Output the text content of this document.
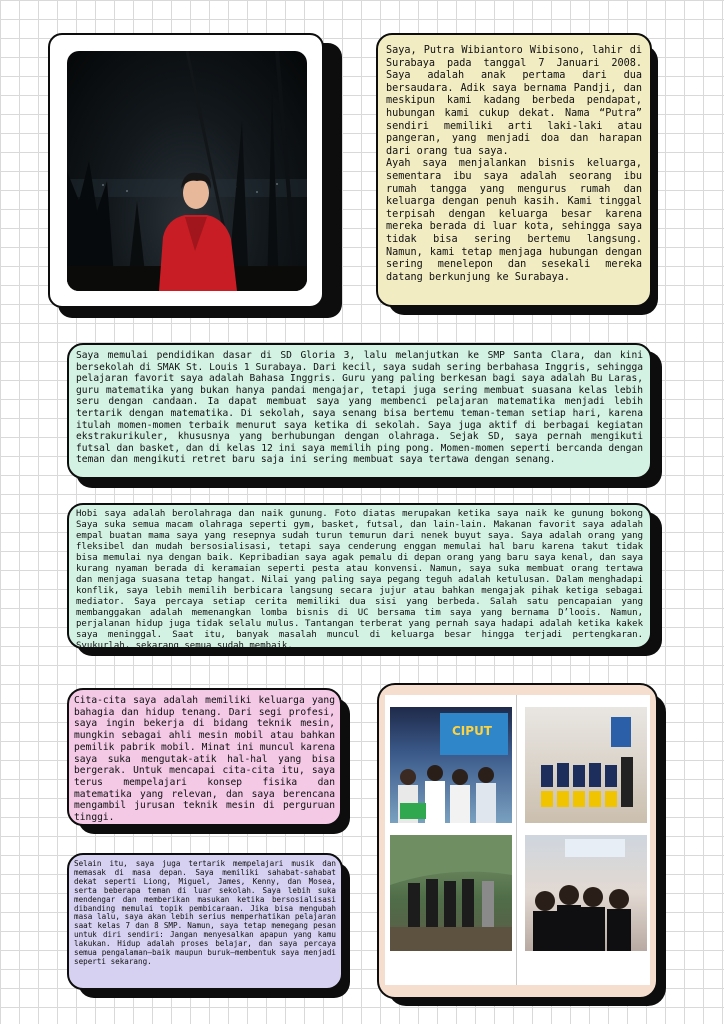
Saya, Putra Wibiantoro Wibisono, lahir di Surabaya pada tanggal 7 Januari 2008. Saya adalah anak pertama dari dua bersaudara. Adik saya bernama Pandji, dan meskipun kami kadang berbeda pendapat, hubungan kami cukup dekat. Nama “Putra” sendiri memiliki arti laki-laki atau pangeran, yang menjadi doa dan harapan dari orang tua saya.

Ayah saya menjalankan bisnis keluarga, sementara ibu saya adalah seorang ibu rumah tangga yang mengurus rumah dan keluarga dengan penuh kasih. Kami tinggal terpisah dengan keluarga besar karena mereka berada di luar kota, sehingga saya tidak bisa sering bertemu langsung. Namun, kami tetap menjaga hubungan dengan sering menelepon dan sesekali mereka datang berkunjung ke Surabaya.

Saya memulai pendidikan dasar di SD Gloria 3, lalu melanjutkan ke SMP Santa Clara, dan kini bersekolah di SMAK St. Louis 1 Surabaya. Dari kecil, saya sudah sering berbahasa Inggris, sehingga pelajaran favorit saya adalah Bahasa Inggris. Guru yang paling berkesan bagi saya adalah Bu Laras, guru matematika yang bukan hanya pandai mengajar, tetapi juga sering membuat suasana kelas lebih seru dengan candaan. Ia dapat membuat saya yang membenci pelajaran matematika menjadi lebih tertarik dengan matematika. Di sekolah, saya senang bisa bertemu teman-teman setiap hari, karena itulah momen-momen terbaik menurut saya ketika di sekolah. Saya juga aktif di berbagai kegiatan ekstrakurikuler, khususnya yang berhubungan dengan olahraga. Sejak SD, saya pernah mengikuti futsal dan basket, dan di kelas 12 ini saya memilih ping pong. Momen-momen seperti bercanda dengan teman dan mengikuti retret baru saja ini sering membuat saya tertawa dengan senang.

Hobi saya adalah berolahraga dan naik gunung. Foto diatas merupakan ketika saya naik ke gunung bokong Saya suka semua macam olahraga seperti gym, basket, futsal, dan lain-lain. Makanan favorit saya adalah empal buatan mama saya yang resepnya sudah turun temurun dari nenek buyut saya. Saya adalah orang yang fleksibel dan mudah bersosialisasi, tetapi saya cenderung enggan memulai hal baru karena takut tidak bisa memulai nya dengan baik. Kepribadian saya agak pemalu di depan orang yang baru saya kenal, dan saya kurang nyaman berada di keramaian seperti pesta atau konvensi. Namun, saya suka membuat orang tertawa dan menjaga suasana tetap hangat. Nilai yang paling saya pegang teguh adalah ketulusan. Dalam menghadapi konflik, saya lebih memilih berbicara langsung secara jujur atau bahkan mengajak pihak ketiga sebagai mediator. Saya percaya setiap cerita memiliki dua sisi yang berbeda. Salah satu pencapaian yang membanggakan adalah memenangkan lomba bisnis di UC bersama tim saya yang bernama D’loois. Namun, perjalanan hidup juga tidak selalu mulus. Tantangan terberat yang pernah saya hadapi adalah ketika kakek saya meninggal. Saat itu, banyak masalah muncul di keluarga besar hingga terjadi pertengkaran. Syukurlah, sekarang semua sudah membaik.

Cita-cita saya adalah memiliki keluarga yang bahagia dan hidup tenang. Dari segi profesi, saya ingin bekerja di bidang teknik mesin, mungkin sebagai ahli mesin mobil atau bahkan pemilik pabrik mobil. Minat ini muncul karena saya suka mengutak-atik hal-hal yang bisa bergerak. Untuk mencapai cita-cita itu, saya terus mempelajari konsep fisika dan matematika yang relevan, dan saya berencana mengambil jurusan teknik mesin di perguruan tinggi.

Selain itu, saya juga tertarik mempelajari musik dan memasak di masa depan. Saya memiliki sahabat-sahabat dekat seperti Liong, Miguel, James, Kenny, dan Mosea, serta beberapa teman di luar sekolah. Saya lebih suka mendengar dan memberikan masukan ketika bersosialisasi dibanding memulai topik pembicaraan. Jika bisa mengubah masa lalu, saya akan lebih serius memperhatikan pelajaran saat kelas 7 dan 8 SMP. Namun, saya tetap memegang pesan untuk diri sendiri: Jangan menyesalkan apapun yang kamu lakukan. Hidup adalah proses belajar, dan saya percaya semua pengalaman—baik maupun buruk—membentuk saya menjadi seperti sekarang.

CIPUT
